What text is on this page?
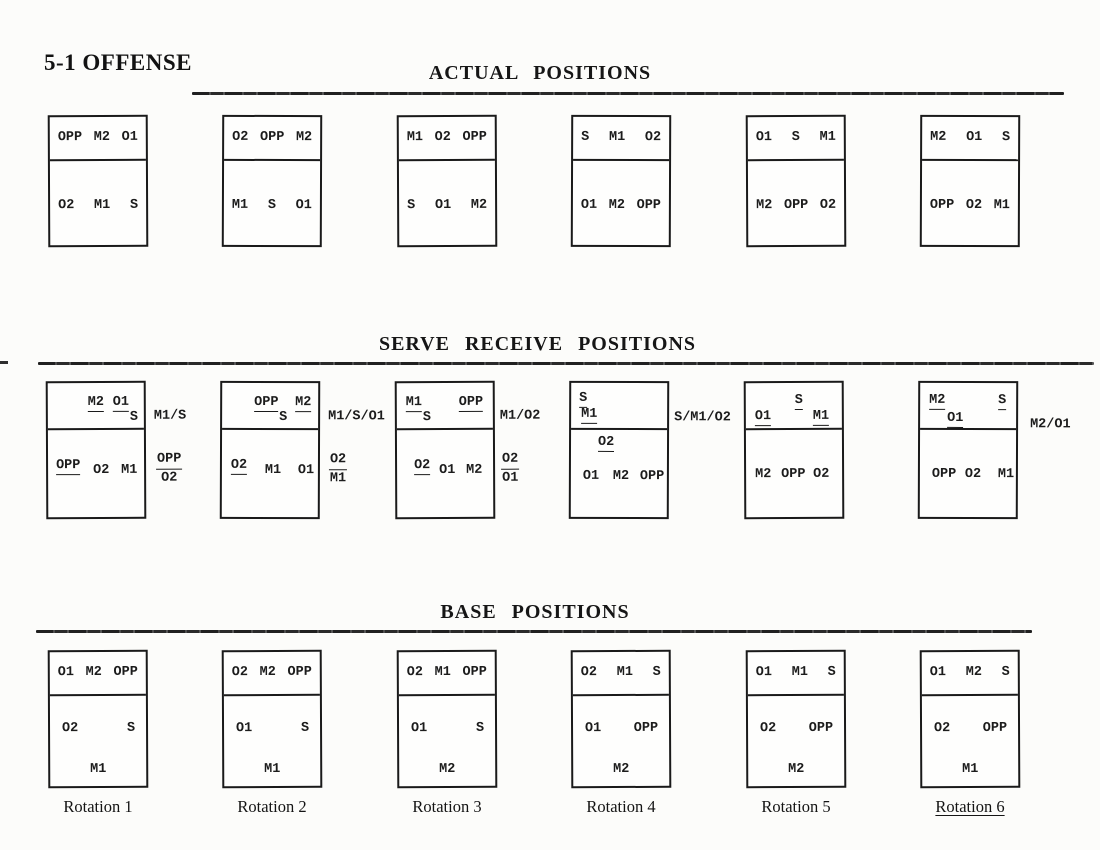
5-1 OFFENSE	ACTUAL POSITIONS
SERVE RECEIVE POSITIONS
BASE POSITIONS
OPP M2 O1
O2 M1 S
O2 OPP M2
M1 S O1
M1 O2 OPP
S O1 M2
S M1 O2
O1 M2 OPP
O1 S M1
M2 OPP O2
M2 O1 S
OPP O2 M1
M2 O1
S
OPP O2 M1
M1/S
OPP
O2
OPP M2
S
O2 M1 O1
M1/S/O1
$\frac{O2}{M1}$
M1
S
OPP
O2 O1 M2
M1/O2
$\frac{O2}{O1}$
S
M1
O2
O1 M2 OPP
S/M1/O2 O1
S
M1
M2 OPP O2
M2
O1
S
OPP O2 M1
M2/O1
O1 M2 OPP
O2	S
M1
Rotation 1
O2 M2 OPP
O1	S
M1
Rotation 2
O2 M1 OPP
O1	S
M2
Rotation 3
O2 M1 S
O1 OPP
M2
Rotation 4
O1 M1 S
O2 OPP
M2
Rotation 5
O1 M2 S
O2 OPP
M1
Rotation 6
